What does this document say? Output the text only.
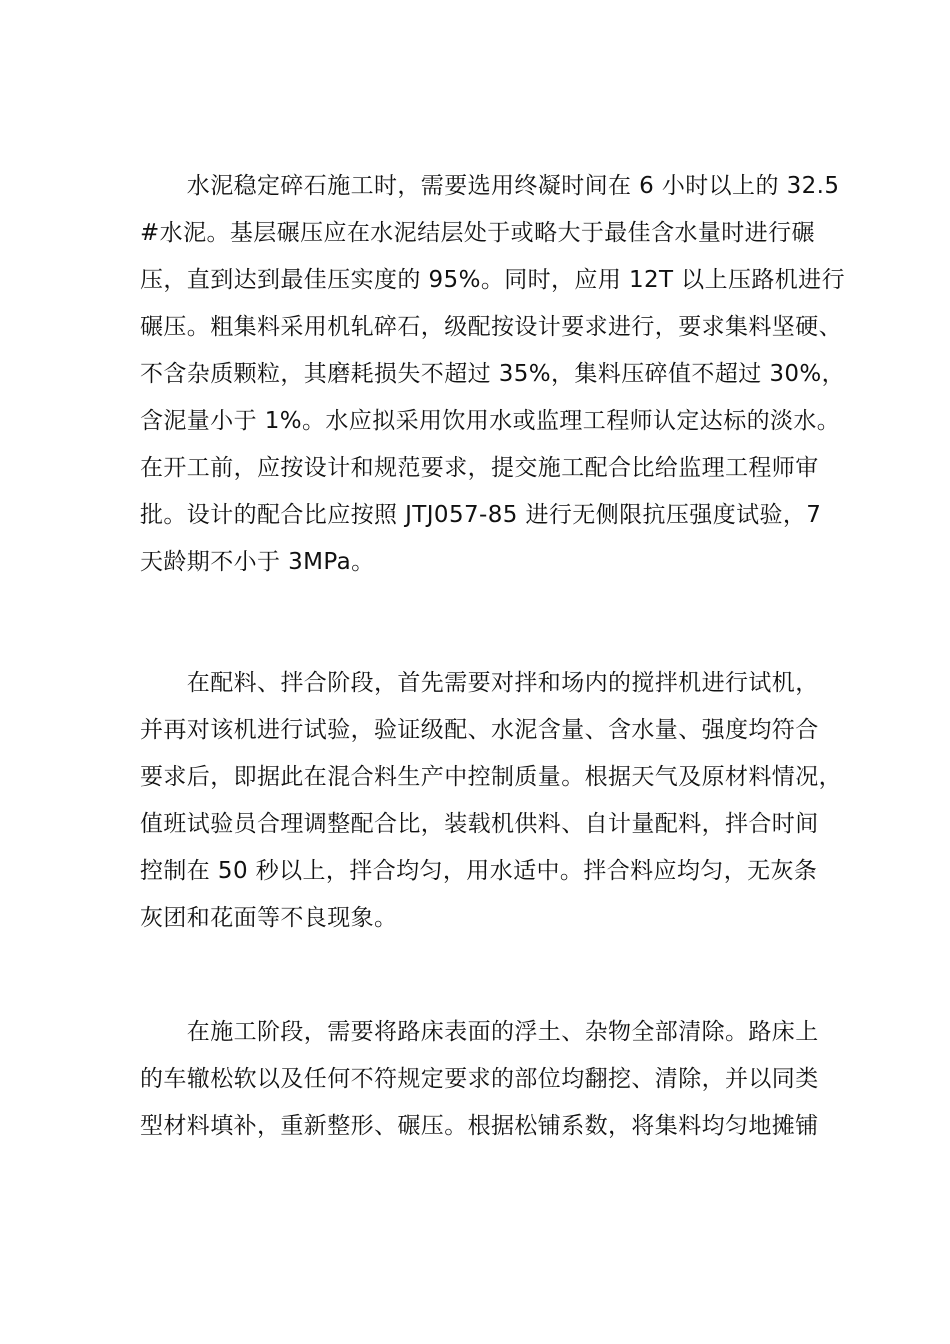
　　水泥稳定碎石施工时，需要选用终凝时间在 6 小时以上的 32.5
#水泥。基层碾压应在水泥结层处于或略大于最佳含水量时进行碾
压，直到达到最佳压实度的 95%。同时，应用 12T 以上压路机进行
碾压。粗集料采用机轧碎石，级配按设计要求进行，要求集料坚硬、
不含杂质颗粒，其磨耗损失不超过 35%，集料压碎值不超过 30%，
含泥量小于 1%。水应拟采用饮用水或监理工程师认定达标的淡水。
在开工前，应按设计和规范要求，提交施工配合比给监理工程师审
批。设计的配合比应按照 JTJ057-85 进行无侧限抗压强度试验，7
天龄期不小于 3MPa。

　　在配料、拌合阶段，首先需要对拌和场内的搅拌机进行试机，
并再对该机进行试验，验证级配、水泥含量、含水量、强度均符合
要求后，即据此在混合料生产中控制质量。根据天气及原材料情况，
值班试验员合理调整配合比，装载机供料、自计量配料，拌合时间
控制在 50 秒以上，拌合均匀，用水适中。拌合料应均匀，无灰条
灰团和花面等不良现象。

　　在施工阶段，需要将路床表面的浮土、杂物全部清除。路床上
的车辙松软以及任何不符规定要求的部位均翻挖、清除，并以同类
型材料填补，重新整形、碾压。根据松铺系数，将集料均匀地摊铺
